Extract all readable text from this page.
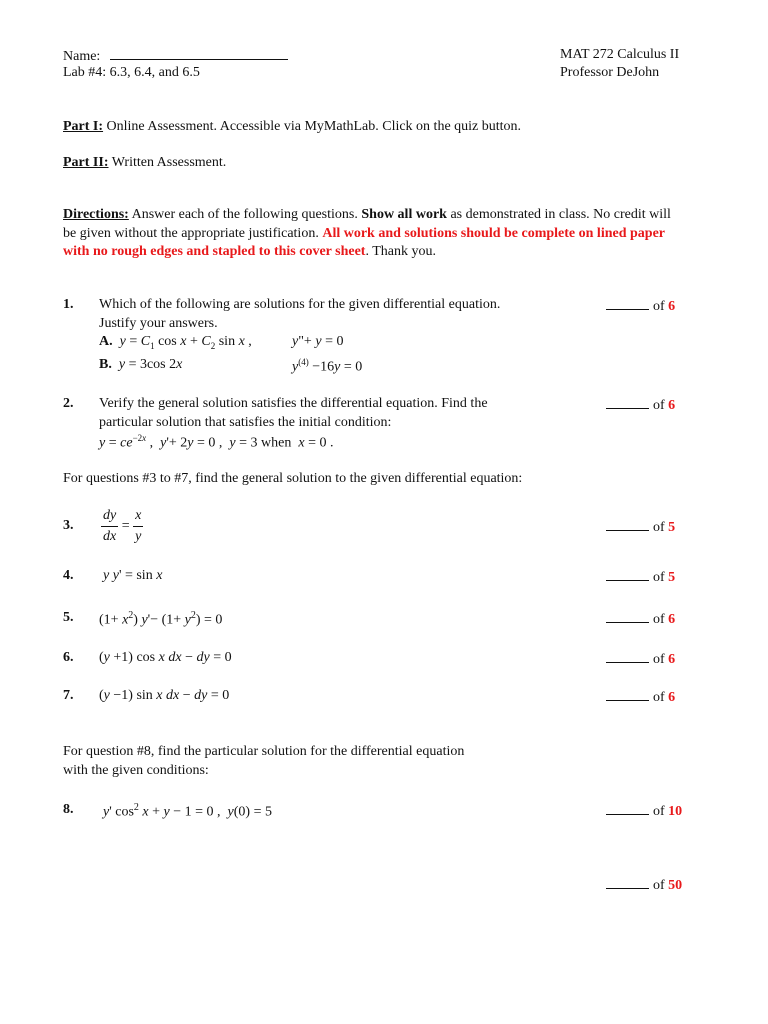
Name:
Lab #4: 6.3, 6.4, and 6.5
MAT 272 Calculus II
Professor DeJohn
Part I: Online Assessment. Accessible via MyMathLab. Click on the quiz button.
Part II: Written Assessment.
Directions: Answer each of the following questions. Show all work as demonstrated in class. No credit will
be given without the appropriate justification. All work and solutions should be complete on lined paper
with no rough edges and stapled to this cover sheet. Thank you.
1. Which of the following are solutions for the given differential equation.
Justify your answers.
A. $y = C_1$ $\cos x + C_2$ sin x ,	y"+ y = 0
B. y = 3cos 2x	$y^{(4)} -16y = 0$
of 6
2. Verify the general solution satisfies the differential equation. Find the
particular solution that satisfies the initial condition:
$y = ce^{-2x}$ ,  y'+ 2y = 0 ,  y = 3 when  x = 0 .
of 6
For questions #3 to #7, find the general solution to the given differential equation:
3. $\frac{dy}{dx} = \frac{x}{y}$	of 5
4. y y' = sin x	of 5
5. $(1+ x^2)$ $y'- (1+ y^2) = 0$	of 6
6. (y +1) cos x dx − dy = 0	of 6
7. (y −1) sin x dx − dy = 0	of 6
For question #8, find the particular solution for the differential equation
with the given conditions:
8. y' $\cos^2 x + y - 1 = 0$ ,  y(0) = 5	of 10
of 50
